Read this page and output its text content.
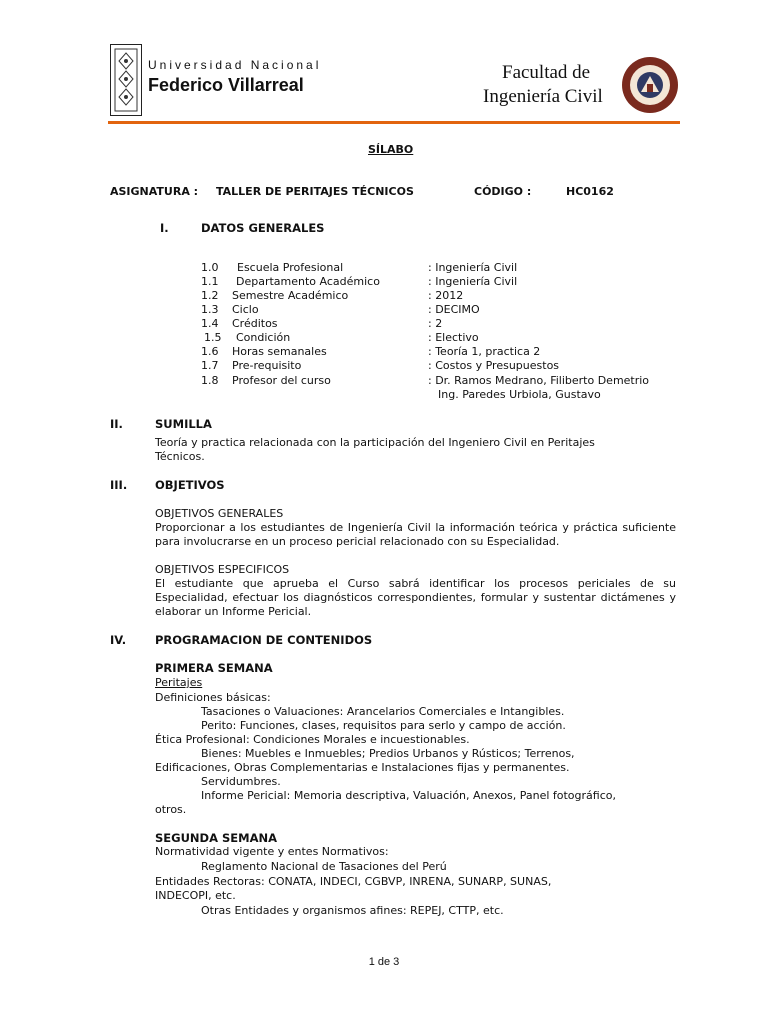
Universidad Nacional
Federico Villarreal
Facultad de
Ingeniería Civil
SÍLABO
ASIGNATURA : TALLER DE PERITAJES TÉCNICOS	CÓDIGO :	HC0162
I.	DATOS GENERALES
1.0 Escuela Profesional	: Ingeniería Civil
1.1 Departamento Académico	: Ingeniería Civil
1.2 Semestre Académico	: 2012
1.3 Ciclo	: DECIMO
1.4 Créditos	: 2
1.5 Condición	: Electivo
1.6 Horas semanales	: Teoría 1, practica 2
1.7 Pre-requisito	: Costos y Presupuestos
1.8 Profesor del curso	: Dr. Ramos Medrano, Filiberto Demetrio
Ing. Paredes Urbiola, Gustavo
II.	SUMILLA
Teoría y practica relacionada con la participación del Ingeniero Civil en Peritajes Técnicos.
III. OBJETIVOS
OBJETIVOS GENERALES
Proporcionar a los estudiantes de Ingeniería Civil la información teórica y práctica suficiente para involucrarse en un proceso pericial relacionado con su Especialidad.
OBJETIVOS ESPECIFICOS
El estudiante que aprueba el Curso sabrá identificar los procesos periciales de su Especialidad, efectuar los diagnósticos correspondientes, formular y sustentar dictámenes y elaborar un Informe Pericial.
IV.	PROGRAMACION DE CONTENIDOS
PRIMERA SEMANA
Peritajes
Definiciones básicas:
Tasaciones o Valuaciones: Arancelarios Comerciales e Intangibles.
Perito: Funciones, clases, requisitos para serlo y campo de acción.
Ética Profesional: Condiciones Morales e incuestionables.
Bienes: Muebles e Inmuebles; Predios Urbanos y Rústicos; Terrenos,
Edificaciones, Obras Complementarias e Instalaciones fijas y permanentes.
Servidumbres.
Informe Pericial: Memoria descriptiva, Valuación, Anexos, Panel fotográfico,
otros.
SEGUNDA SEMANA
Normatividad vigente y entes Normativos:
Reglamento Nacional de Tasaciones del Perú
Entidades Rectoras: CONATA, INDECI, CGBVP, INRENA, SUNARP, SUNAS,
INDECOPI, etc.
Otras Entidades y organismos afines: REPEJ, CTTP, etc.
1 de 3
